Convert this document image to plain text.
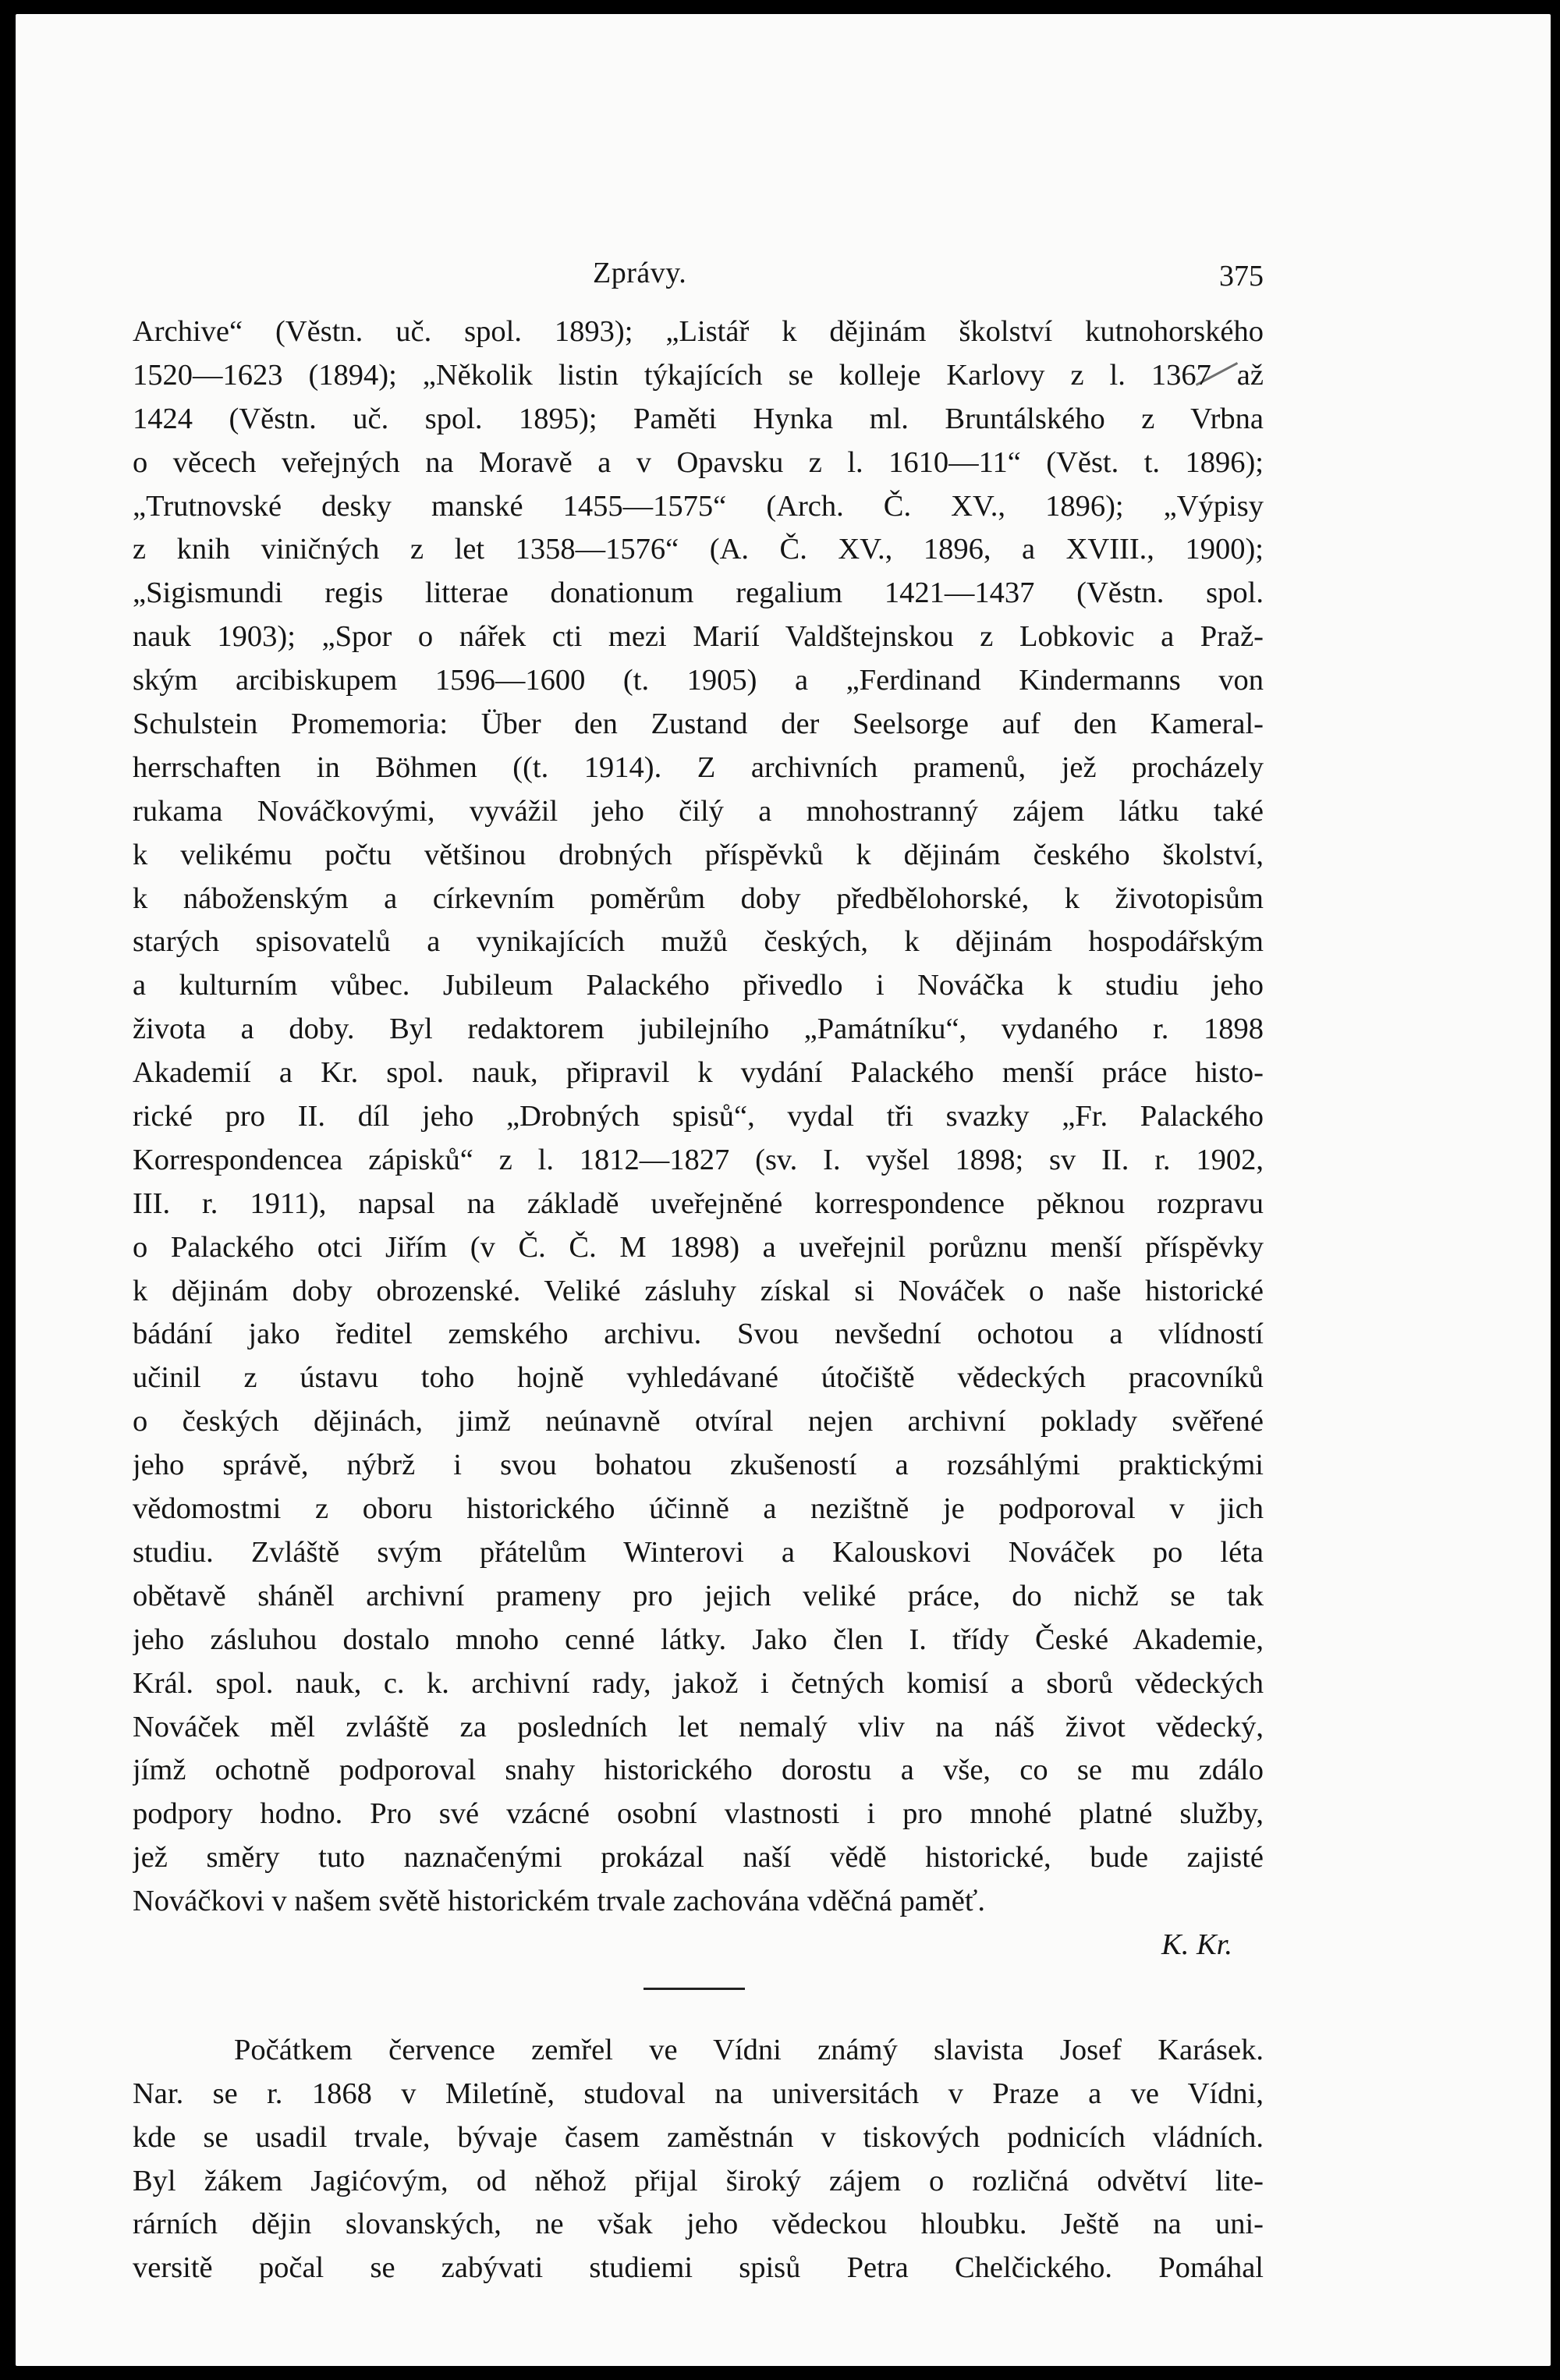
Zprávy.	375
Archive“ (Věstn. uč. spol. 1893); „Listář k dějinám školství kutnohorského
1520—1623 (1894); „Několik listin týkajících se kolleje Karlovy z l. 1367 až
1424 (Věstn. uč. spol. 1895); Paměti Hynka ml. Bruntálského z Vrbna
o věcech veřejných na Moravě a v Opavsku z l. 1610—11“ (Věst. t. 1896);
„Trutnovské desky manské 1455—1575“ (Arch. Č. XV., 1896); „Výpisy
z knih viničných z let 1358—1576“ (A. Č. XV., 1896, a XVIII., 1900);
„Sigismundi regis litterae donationum regalium 1421—1437 (Věstn. spol.
nauk 1903); „Spor o nářek cti mezi Marií Valdštejnskou z Lobkovic a Praž-
ským arcibiskupem 1596—1600 (t. 1905) a „Ferdinand Kindermanns von
Schulstein Promemoria: Über den Zustand der Seelsorge auf den Kameral-
herrschaften in Böhmen ((t. 1914). Z archivních pramenů, jež procházely
rukama Nováčkovými, vyvážil jeho čilý a mnohostranný zájem látku také
k velikému počtu většinou drobných příspěvků k dějinám českého školství,
k náboženským a církevním poměrům doby předbělohorské, k životopisům
starých spisovatelů a vynikajících mužů českých, k dějinám hospodářským
a kulturním vůbec. Jubileum Palackého přivedlo i Nováčka k studiu jeho
života a doby. Byl redaktorem jubilejního „Památníku“, vydaného r. 1898
Akademií a Kr. spol. nauk, připravil k vydání Palackého menší práce histo-
rické pro II. díl jeho „Drobných spisů“, vydal tři svazky „Fr. Palackého
Korrespondencea zápisků“ z l. 1812—1827 (sv. I. vyšel 1898; sv II. r. 1902,
III. r. 1911), napsal na základě uveřejněné korrespondence pěknou rozpravu
o Palackého otci Jiřím (v Č. Č. M 1898) a uveřejnil porůznu menší příspěvky
k dějinám doby obrozenské. Veliké zásluhy získal si Nováček o naše historické
bádání jako ředitel zemského archivu. Svou nevšední ochotou a vlídností
učinil z ústavu toho hojně vyhledávané útočiště vědeckých pracovníků
o českých dějinách, jimž neúnavně otvíral nejen archivní poklady svěřené
jeho správě, nýbrž i svou bohatou zkušeností a rozsáhlými praktickými
vědomostmi z oboru historického účinně a nezištně je podporoval v jich
studiu. Zvláště svým přátelům Winterovi a Kalouskovi Nováček po léta
obětavě sháněl archivní prameny pro jejich veliké práce, do nichž se tak
jeho zásluhou dostalo mnoho cenné látky. Jako člen I. třídy České Akademie,
Král. spol. nauk, c. k. archivní rady, jakož i četných komisí a sborů vědeckých
Nováček měl zvláště za posledních let nemalý vliv na náš život vědecký,
jímž ochotně podporoval snahy historického dorostu a vše, co se mu zdálo
podpory hodno. Pro své vzácné osobní vlastnosti i pro mnohé platné služby,
jež směry tuto naznačenými prokázal naší vědě historické, bude zajisté
Nováčkovi v našem světě historickém trvale zachována vděčná paměť.
K. Kr.
Počátkem července zemřel ve Vídni známý slavista Josef Karásek.
Nar. se r. 1868 v Miletíně, studoval na universitách v Praze a ve Vídni,
kde se usadil trvale, bývaje časem zaměstnán v tiskových podnicích vládních.
Byl žákem Jagićovým, od něhož přijal široký zájem o rozličná odvětví lite-
rárních dějin slovanských, ne však jeho vědeckou hloubku. Ještě na uni-
versitě počal se zabývati studiemi spisů Petra Chelčického. Pomáhal
